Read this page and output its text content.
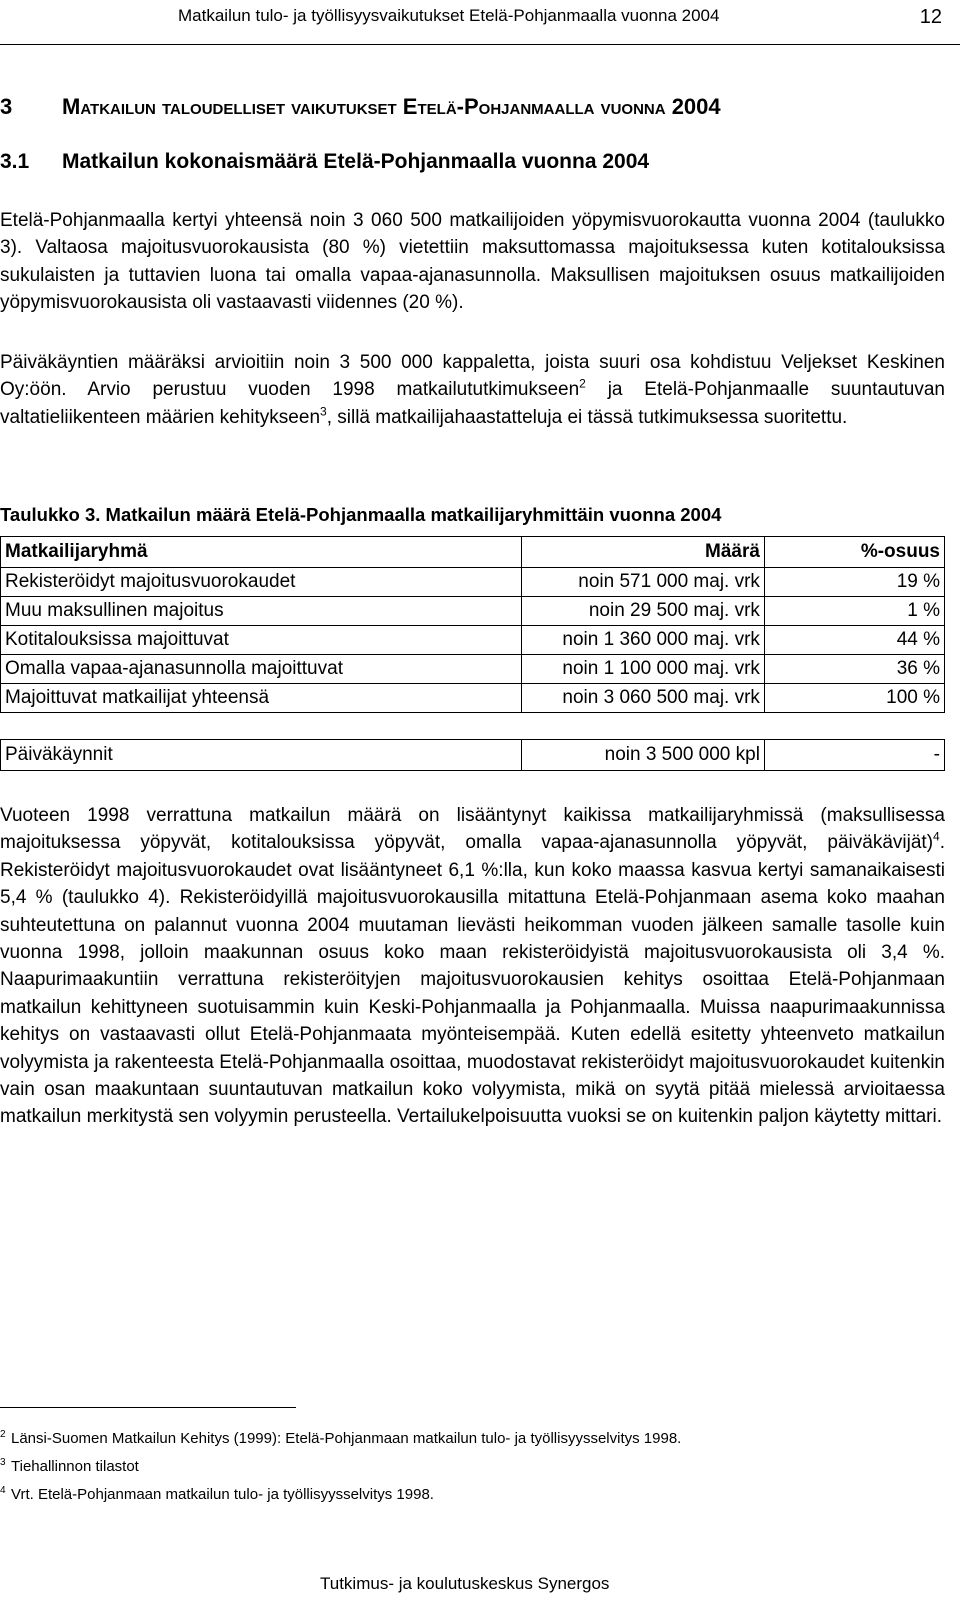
Matkailun tulo- ja työllisyysvaikutukset Etelä-Pohjanmaalla vuonna 2004	12
3 Matkailun taloudelliset vaikutukset Etelä-Pohjanmaalla vuonna 2004
3.1 Matkailun kokonaismäärä Etelä-Pohjanmaalla vuonna 2004

Etelä-Pohjanmaalla kertyi yhteensä noin 3 060 500 matkailijoiden yöpymisvuorokautta vuonna 2004 (taulukko 3). Valtaosa majoitusvuorokausista (80 %) vietettiin maksuttomassa majoituksessa kuten kotitalouksissa sukulaisten ja tuttavien luona tai omalla vapaa-ajanasunnolla. Maksullisen majoituksen osuus matkailijoiden yöpymisvuorokausista oli vastaavasti viidennes (20 %).

Päiväkäyntien määräksi arvioitiin noin 3 500 000 kappaletta, joista suuri osa kohdistuu Veljekset Keskinen Oy:öön. Arvio perustuu vuoden 1998 matkailututkimukseen$^2$ ja Etelä-Pohjanmaalle suuntautuvan valtatieliikenteen määrien kehitykseen$^3$, sillä matkailijahaastatteluja ei tässä tutkimuksessa suoritettu.

Taulukko 3. Matkailun määrä Etelä-Pohjanmaalla matkailijaryhmittäin vuonna 2004
Matkailijaryhmä	Määrä	%-osuus
Rekisteröidyt majoitusvuorokaudet	noin 571 000 maj. vrk	19 %
Muu maksullinen majoitus	noin 29 500 maj. vrk	1 %
Kotitalouksissa majoittuvat	noin 1 360 000 maj. vrk	44 %
Omalla vapaa-ajanasunnolla majoittuvat	noin 1 100 000 maj. vrk	36 %
Majoittuvat matkailijat yhteensä	noin 3 060 500 maj. vrk	100 %

Päiväkäynnit	noin 3 500 000 kpl	-

Vuoteen 1998 verrattuna matkailun määrä on lisääntynyt kaikissa matkailijaryhmissä (maksullisessa majoituksessa yöpyvät, kotitalouksissa yöpyvät, omalla vapaa-ajanasunnolla yöpyvät, päiväkävijät)$^4$. Rekisteröidyt majoitusvuorokaudet ovat lisääntyneet 6,1 %:lla, kun koko maassa kasvua kertyi samanaikaisesti 5,4 % (taulukko 4). Rekisteröidyillä majoitusvuorokausilla mitattuna Etelä-Pohjanmaan asema koko maahan suhteutettuna on palannut vuonna 2004 muutaman lievästi heikomman vuoden jälkeen samalle tasolle kuin vuonna 1998, jolloin maakunnan osuus koko maan rekisteröidyistä majoitusvuorokausista oli 3,4 %. Naapurimaakuntiin verrattuna rekisteröityjen majoitusvuorokausien kehitys osoittaa Etelä-Pohjanmaan matkailun kehittyneen suotuisammin kuin Keski-Pohjanmaalla ja Pohjanmaalla. Muissa naapurimaakunnissa kehitys on vastaavasti ollut Etelä-Pohjanmaata myönteisempää. Kuten edellä esitetty yhteenveto matkailun volyymista ja rakenteesta Etelä-Pohjanmaalla osoittaa, muodostavat rekisteröidyt majoitusvuorokaudet kuitenkin vain osan maakuntaan suuntautuvan matkailun koko volyymista, mikä on syytä pitää mielessä arvioitaessa matkailun merkitystä sen volyymin perusteella. Vertailukelpoisuutta vuoksi se on kuitenkin paljon käytetty mittari.

2 Länsi-Suomen Matkailun Kehitys (1999): Etelä-Pohjanmaan matkailun tulo- ja työllisyysselvitys 1998.
3 Tiehallinnon tilastot
4 Vrt. Etelä-Pohjanmaan matkailun tulo- ja työllisyysselvitys 1998.
Tutkimus- ja koulutuskeskus Synergos
